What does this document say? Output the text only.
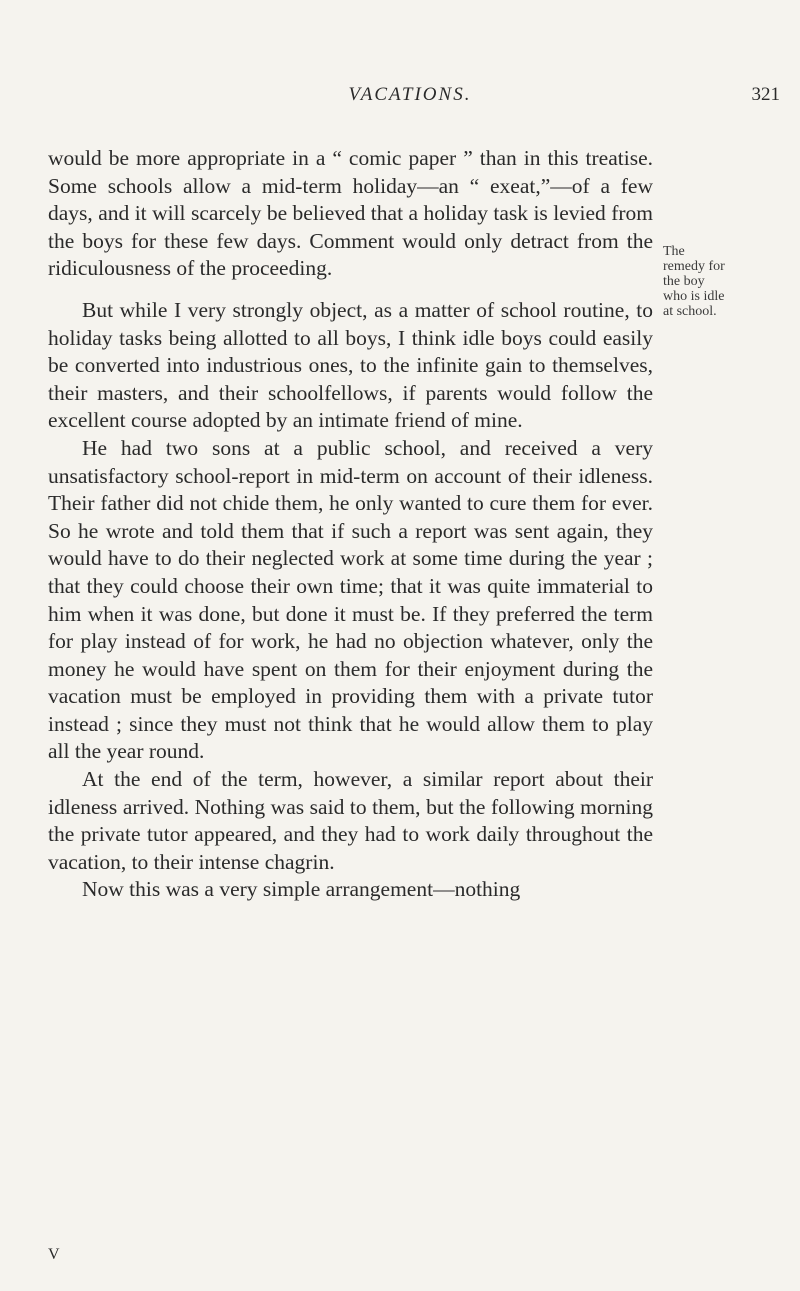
VACATIONS.	321

would be more appropriate in a “ comic paper ” than in this treatise. Some schools allow a mid-term holiday—an “ exeat,”—of a few days, and it will scarcely be believed that a holiday task is levied from the boys for these few days. Comment would only detract from the ridiculousness of the proceeding.

But while I very strongly object, as a matter of school routine, to holiday tasks being allotted to all boys, I think idle boys could easily be converted into industrious ones, to the infinite gain to themselves, their masters, and their schoolfellows, if parents would follow the excellent course adopted by an intimate friend of mine.

He had two sons at a public school, and received a very unsatisfactory school-report in mid-term on account of their idleness. Their father did not chide them, he only wanted to cure them for ever. So he wrote and told them that if such a report was sent again, they would have to do their neglected work at some time during the year ; that they could choose their own time; that it was quite immaterial to him when it was done, but done it must be. If they preferred the term for play instead of for work, he had no objection whatever, only the money he would have spent on them for their enjoyment during the vacation must be employed in providing them with a private tutor instead ; since they must not think that he would allow them to play all the year round.

At the end of the term, however, a similar report about their idleness arrived. Nothing was said to them, but the following morning the private tutor appeared, and they had to work daily throughout the vacation, to their intense chagrin.

Now this was a very simple arrangement—nothing

The
remedy for
the boy
who is idle
at school.
V
